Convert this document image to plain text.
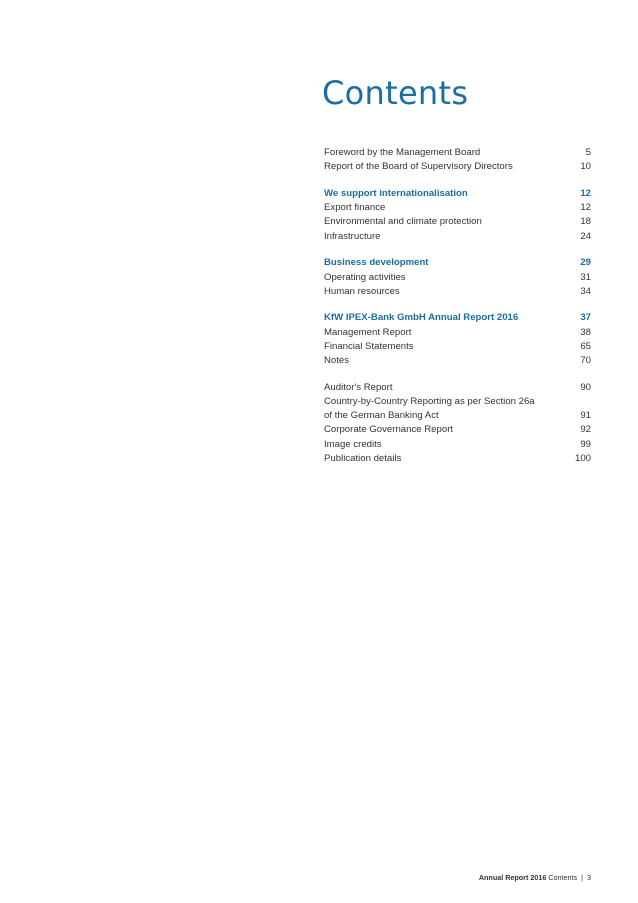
Contents
Foreword by the Management Board	5
Report of the Board of Supervisory Directors	10
We support internationalisation	12
Export finance	12
Environmental and climate protection	18
Infrastructure	24
Business development	29
Operating activities	31
Human resources	34
KfW IPEX-Bank GmbH Annual Report 2016	37
Management Report	38
Financial Statements	65
Notes	70
Auditor's Report	90
Country-by-Country Reporting as per Section 26a
of the German Banking Act	91
Corporate Governance Report	92
Image credits	99
Publication details	100
Annual Report 2016 Contents | 3
